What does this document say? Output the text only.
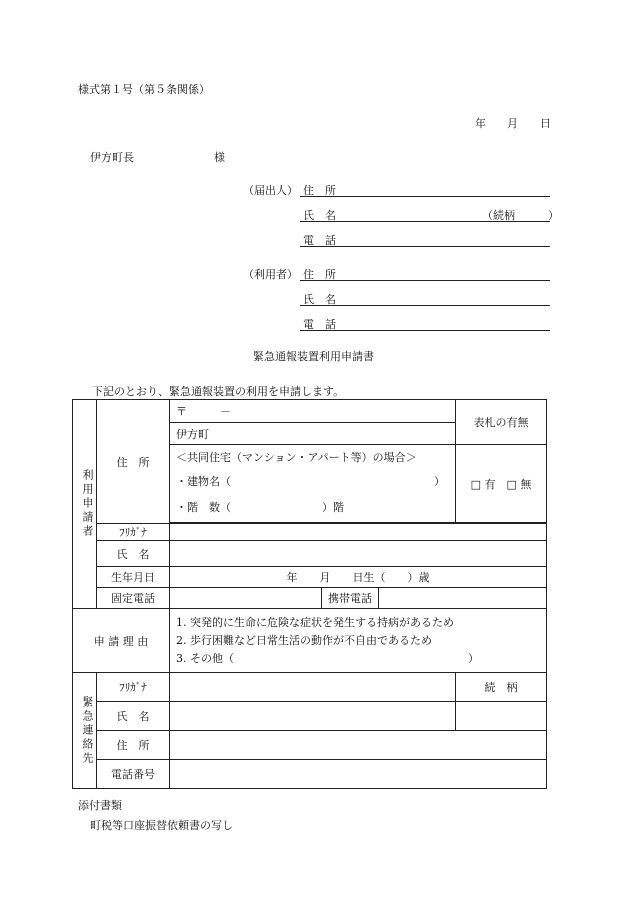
様式第１号（第５条関係）
年 月 日
伊方町長	様
（届出人） 住　所
氏　名	（続柄　　　）
電　話
（利用者） 住　所
氏　名
電　話
緊急通報装置利用申請書
下記のとおり、緊急通報装置の利用を申請します。
利用申請者	住　所	〒　　　－			表札の有無
		伊方町			

		＜共同住宅（マンション・アパート等）の場合＞
・建物名（ ）
・階　数（ ）階			□ 有　□ 無

	ﾌﾘｶﾞﾅ				
	氏　名				
	生年月日	年　　月　　日生（　　）歳			
	固定電話		携帯電話		
申 請 理 由	
1. 突発的に生命に危険な症状を発生する持病があるため
2. 歩行困難など日常生活の動作が不自由であるため
3. その他（	）
緊急連絡先	ﾌﾘｶﾞﾅ		続　柄
	氏　名		
	住　所		
	電話番号		
添付書類
町税等口座振替依頼書の写し
